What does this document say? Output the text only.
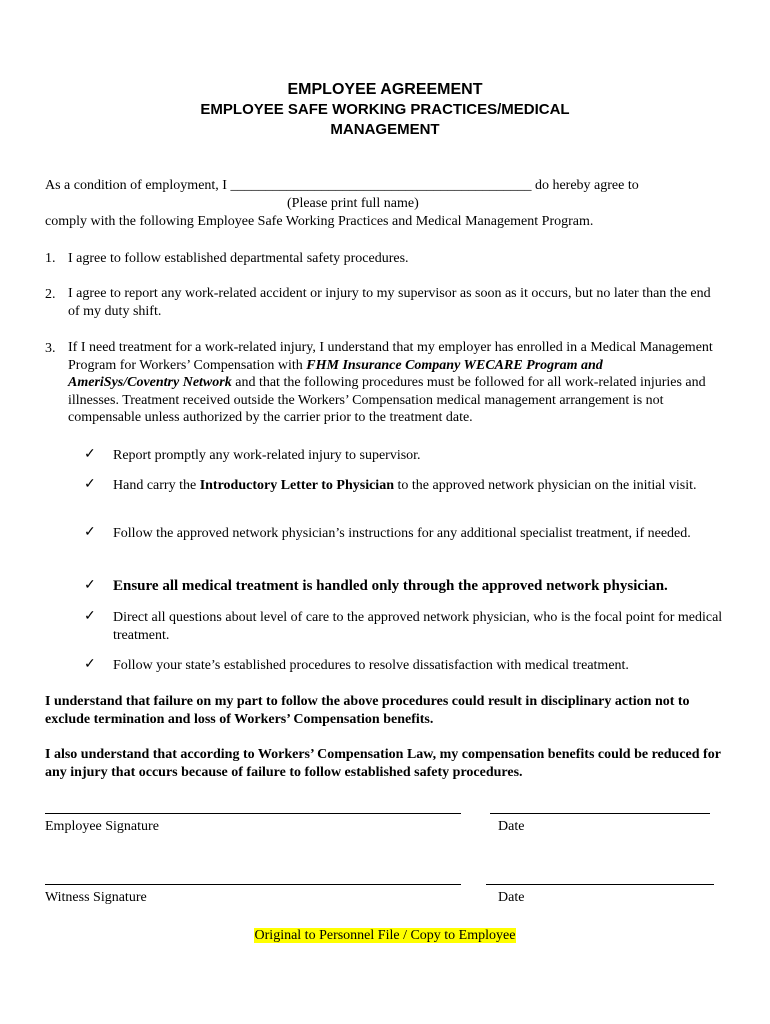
EMPLOYEE AGREEMENT
EMPLOYEE SAFE WORKING PRACTICES/MEDICAL
MANAGEMENT
As a condition of employment, I ___________________________________________ do hereby agree to
(Please print full name)
comply with the following Employee Safe Working Practices and Medical Management Program.
1. I agree to follow established departmental safety procedures.
2. I agree to report any work-related accident or injury to my supervisor as soon as it occurs, but no later than the end of my duty shift.
3. If I need treatment for a work-related injury, I understand that my employer has enrolled in a Medical Management Program for Workers’ Compensation with FHM Insurance Company WECARE Program and AmeriSys/Coventry Network and that the following procedures must be followed for all work-related injuries and illnesses. Treatment received outside the Workers’ Compensation medical management arrangement is not compensable unless authorized by the carrier prior to the treatment date.
✓ Report promptly any work-related injury to supervisor.
✓ Hand carry the Introductory Letter to Physician to the approved network physician on the initial visit.
✓ Follow the approved network physician’s instructions for any additional specialist treatment, if needed.
✓ Ensure all medical treatment is handled only through the approved network physician.
✓ Direct all questions about level of care to the approved network physician, who is the focal point for medical treatment.
✓ Follow your state’s established procedures to resolve dissatisfaction with medical treatment.
I understand that failure on my part to follow the above procedures could result in disciplinary action not to exclude termination and loss of Workers’ Compensation benefits.
I also understand that according to Workers’ Compensation Law, my compensation benefits could be reduced for any injury that occurs because of failure to follow established safety procedures.
Employee Signature	Date
Witness Signature	Date
Original to Personnel File / Copy to Employee
